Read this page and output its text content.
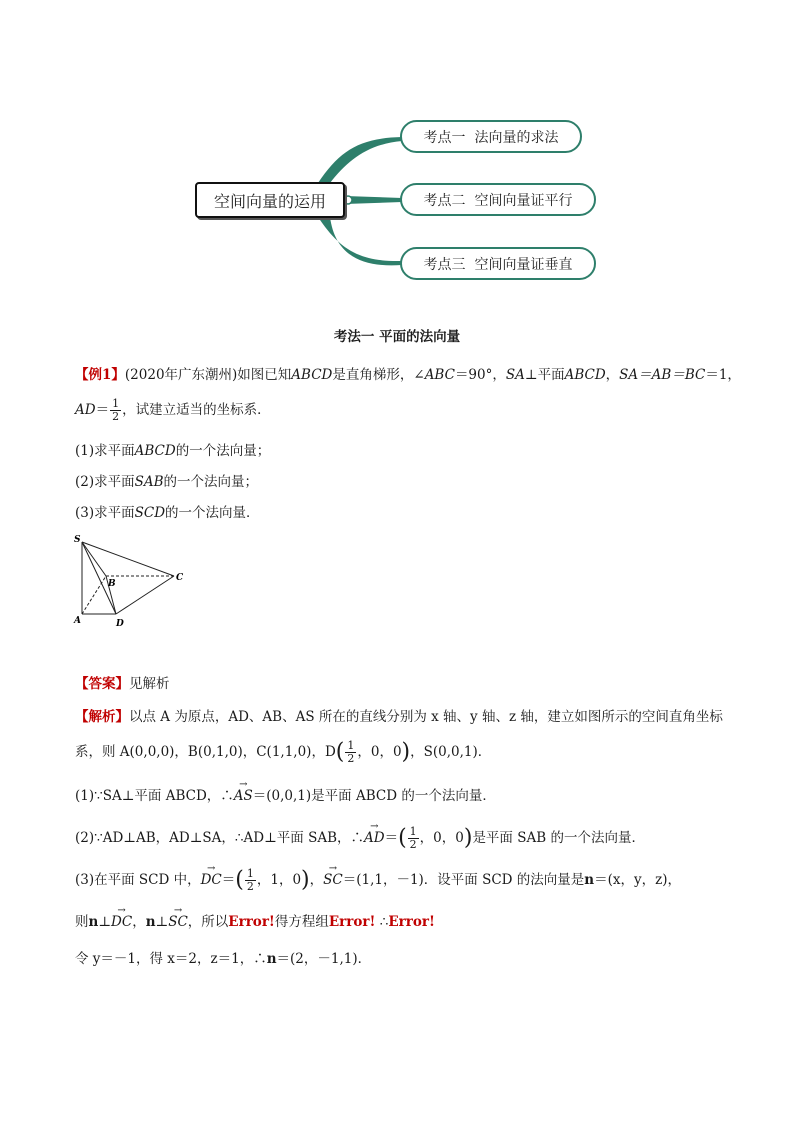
空间向量的运用
考点一  法向量的求法
考点二  空间向量证平行
考点三  空间向量证垂直
考法一 平面的法向量
【例1】(2020年广东潮州)如图已知ABCD是直角梯形，∠ABC＝90°，SA⊥平面ABCD，SA＝AB＝BC＝1，
$AD= \frac{1}{2}$ ，试建立适当的坐标系．
(1)求平面ABCD的一个法向量；
(2)求平面SAB的一个法向量；
(3)求平面SCD的一个法向量．
S
B
C
A	D
【答案】见解析
【解析】以点 A 为原点，AD、AB、AS 所在的直线分别为 x 轴、y 轴、z 轴，建立如图所示的空间直角坐标
系，则 A(0,0,0)，B(0,1,0)，C(1,1,0)，$D( \frac{1}{2}$ ，0，0)，S(0,0,1)．
(1)∵SA⊥平面 ABCD，∴→ AS＝(0,0,1)是平面 ABCD 的一个法向量．
(2)∵AD⊥AB，AD⊥SA，∴AD⊥平面 SAB，∴→ $AD=( \frac{1}{2}$ ，0，0)是平面 SAB 的一个法向量．
(3)在平面 SCD 中，→ $DC=( \frac{1}{2}$ ，1，0)，→ SC＝(1,1，－1)．设平面 SCD 的法向量是n＝(x，y，z)，
则n⊥→ DC，n⊥→ SC，所以Error!得方程组Error! ∴Error!
令 y＝－1，得 x＝2，z＝1，∴n＝(2，－1,1)．
